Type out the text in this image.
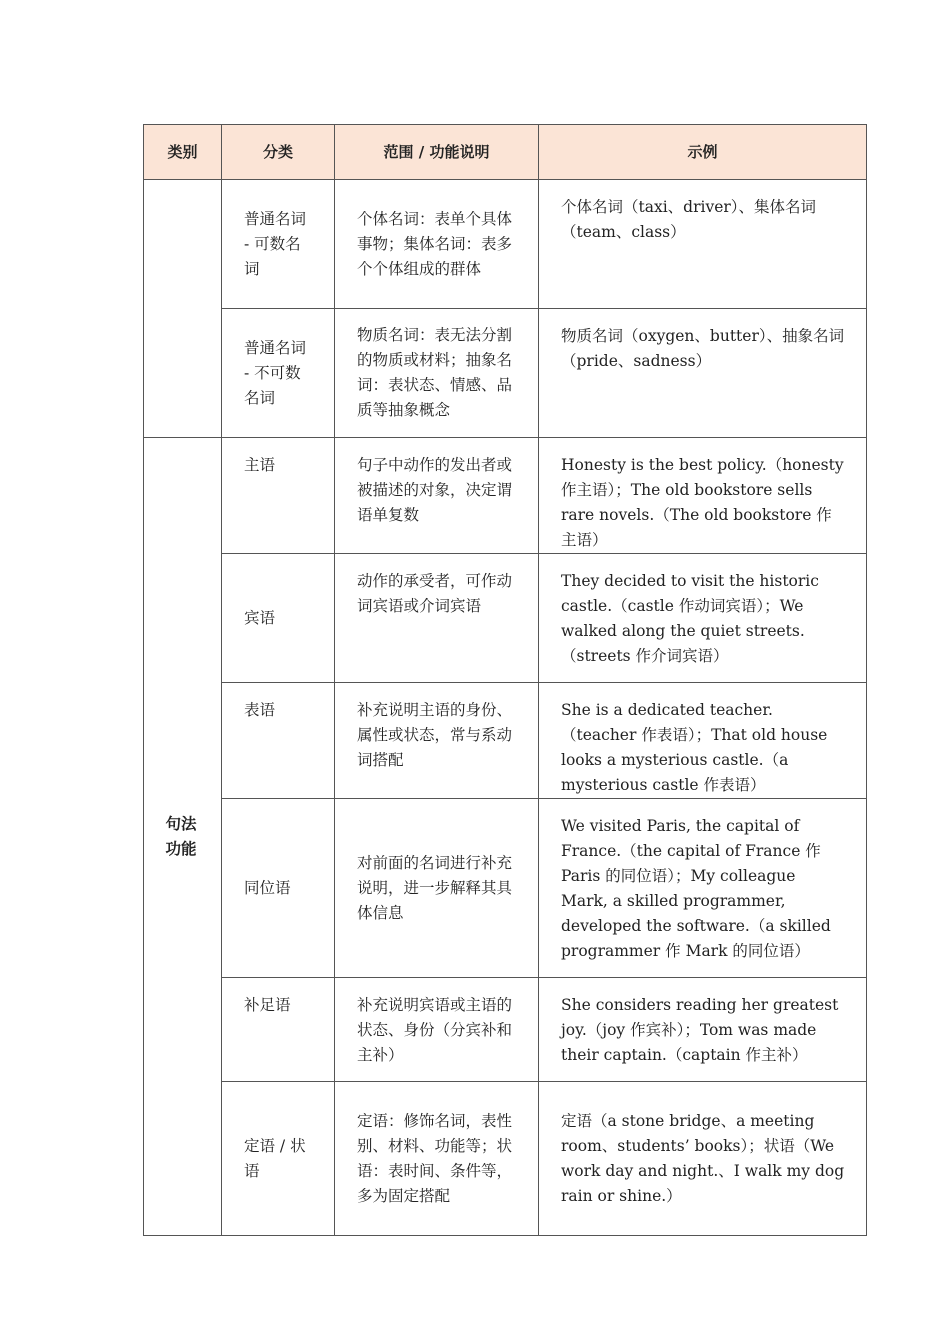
类别	分类	范围 / 功能说明	示例
	普通名词 - 可数名词	个体名词：表单个具体事物；集体名词：表多个个体组成的群体	个体名词（taxi、driver）、集体名词（team、class）
	普通名词 - 不可数名词	物质名词：表无法分割的物质或材料；抽象名词：表状态、情感、品质等抽象概念	物质名词（oxygen、butter）、抽象名词（pride、sadness）

句法功能	主语	句子中动作的发出者或被描述的对象，决定谓语单复数	Honesty is the best policy.（honesty 作主语）；The old bookstore sells rare novels.（The old bookstore 作主语）
	宾语	动作的承受者，可作动词宾语或介词宾语	They decided to visit the historic castle.（castle 作动词宾语）；We walked along the quiet streets.（streets 作介词宾语）
	表语	补充说明主语的身份、属性或状态，常与系动词搭配	She is a dedicated teacher.（teacher 作表语）；That old house looks a mysterious castle.（a mysterious castle 作表语）
	同位语	对前面的名词进行补充说明，进一步解释其具体信息	We visited Paris, the capital of France.（the capital of France 作 Paris 的同位语）；My colleague Mark, a skilled programmer, developed the software.（a skilled programmer 作 Mark 的同位语）
	补足语	补充说明宾语或主语的状态、身份（分宾补和主补）	She considers reading her greatest joy.（joy 作宾补）；Tom was made their captain.（captain 作主补）
	定语 / 状语	定语：修饰名词，表性别、材料、功能等；状语：表时间、条件等，多为固定搭配	定语（a stone bridge、a meeting room、students’ books）；状语（We work day and night.、I walk my dog rain or shine.）
